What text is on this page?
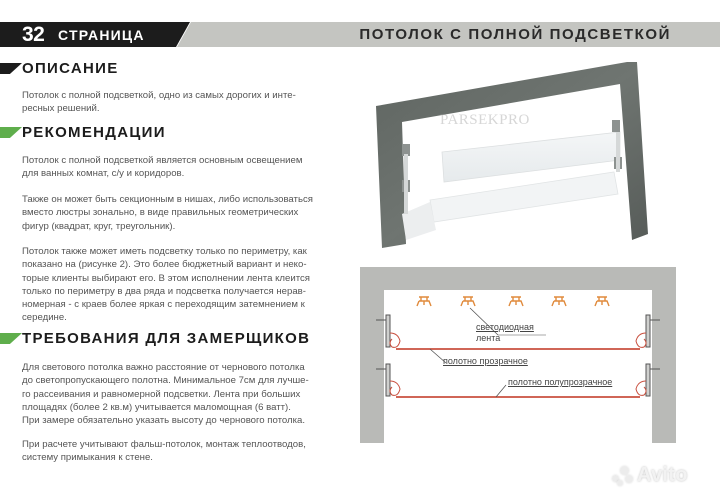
32 СТРАНИЦА	ПОТОЛОК С ПОЛНОЙ ПОДСВЕТКОЙ
ОПИСАНИЕ
Потолок с полной подсветкой, одно из самых дорогих и инте-
ресных решений.
РЕКОМЕНДАЦИИ
Потолок с полной подсветкой является основным освещением
для ванных комнат, с/у и коридоров.
Также он может быть секционным в нишах, либо использоваться
вместо люстры зонально, в виде правильных геометрических
фигур (квадрат, круг, треугольник).
Потолок также может иметь подсветку только по периметру, как
показано на (рисунке 2). Это более бюджетный вариант и неко-
торые клиенты выбирают его. В этом исполнении лента клеится
только по периметру в два ряда и подсветка получается нерав-
номерная - с краев более яркая с переходящим затемнением к
середине.
ТРЕБОВАНИЯ ДЛЯ ЗАМЕРЩИКОВ
Для светового потолка важно расстояние от чернового потолка
до светопропускающего полотна. Минимальное 7см для лучше-
го рассеивания и равномерной подсветки. Лента при больших
площадях (более 2 кв.м) учитывается маломощная (6 ватт).
При замере обязательно указать высоту до чернового потолка.
При расчете учитывают фальш-потолок, монтаж теплоотводов,
систему примыкания к стене.
PARSEKPRO
светодиодная
лента
полотно прозрачное
полотно полупрозрачное
Avito
